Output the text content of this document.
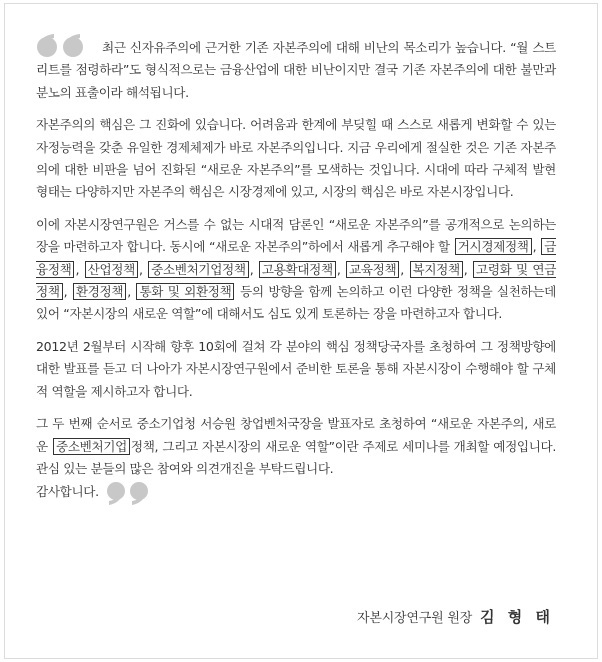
최근 신자유주의에 근거한 기존 자본주의에 대해 비난의 목소리가 높습니다. “월 스트리트를 점령하라”도 형식적으로는 금융산업에 대한 비난이지만 결국 기존 자본주의에 대한 불만과 분노의 표출이라 해석됩니다.

자본주의의 핵심은 그 진화에 있습니다. 어려움과 한계에 부딪힐 때 스스로 새롭게 변화할 수 있는 자정능력을 갖춘 유일한 경제체제가 바로 자본주의입니다. 지금 우리에게 절실한 것은 기존 자본주의에 대한 비판을 넘어 진화된 “새로운 자본주의”를 모색하는 것입니다. 시대에 따라 구체적 발현 형태는 다양하지만 자본주의 핵심은 시장경제에 있고, 시장의 핵심은 바로 자본시장입니다.

이에 자본시장연구원은 거스를 수 없는 시대적 담론인 “새로운 자본주의”를 공개적으로 논의하는 장을 마련하고자 합니다. 동시에 “새로운 자본주의”하에서 새롭게 추구해야 할 거시경제정책 , 금융정책 , 산업정책 , 중소벤처기업정책 , 고용확대정책 , 교육정책 , 복지정책 , 고령화 및 연금정책 , 환경정책 , 통화 및 외환정책 등의 방향을 함께 논의하고 이런 다양한 정책을 실천하는데 있어 “자본시장의 새로운 역할”에 대해서도 심도 있게 토론하는 장을 마련하고자 합니다.

2012년 2월부터 시작해 향후 10회에 걸쳐 각 분야의 핵심 정책당국자를 초청하여 그 정책방향에 대한 발표를 듣고 더 나아가 자본시장연구원에서 준비한 토론을 통해 자본시장이 수행해야 할 구체적 역할을 제시하고자 합니다.

그 두 번째 순서로 중소기업청 서승원 창업벤처국장을 발표자로 초청하여 “새로운 자본주의, 새로운 중소벤처기업 정책, 그리고 자본시장의 새로운 역할”이란 주제로 세미나를 개최할 예정입니다. 관심 있는 분들의 많은 참여와 의견개진을 부탁드립니다.
감사합니다.

자본시장연구원 원장 김 형 태
